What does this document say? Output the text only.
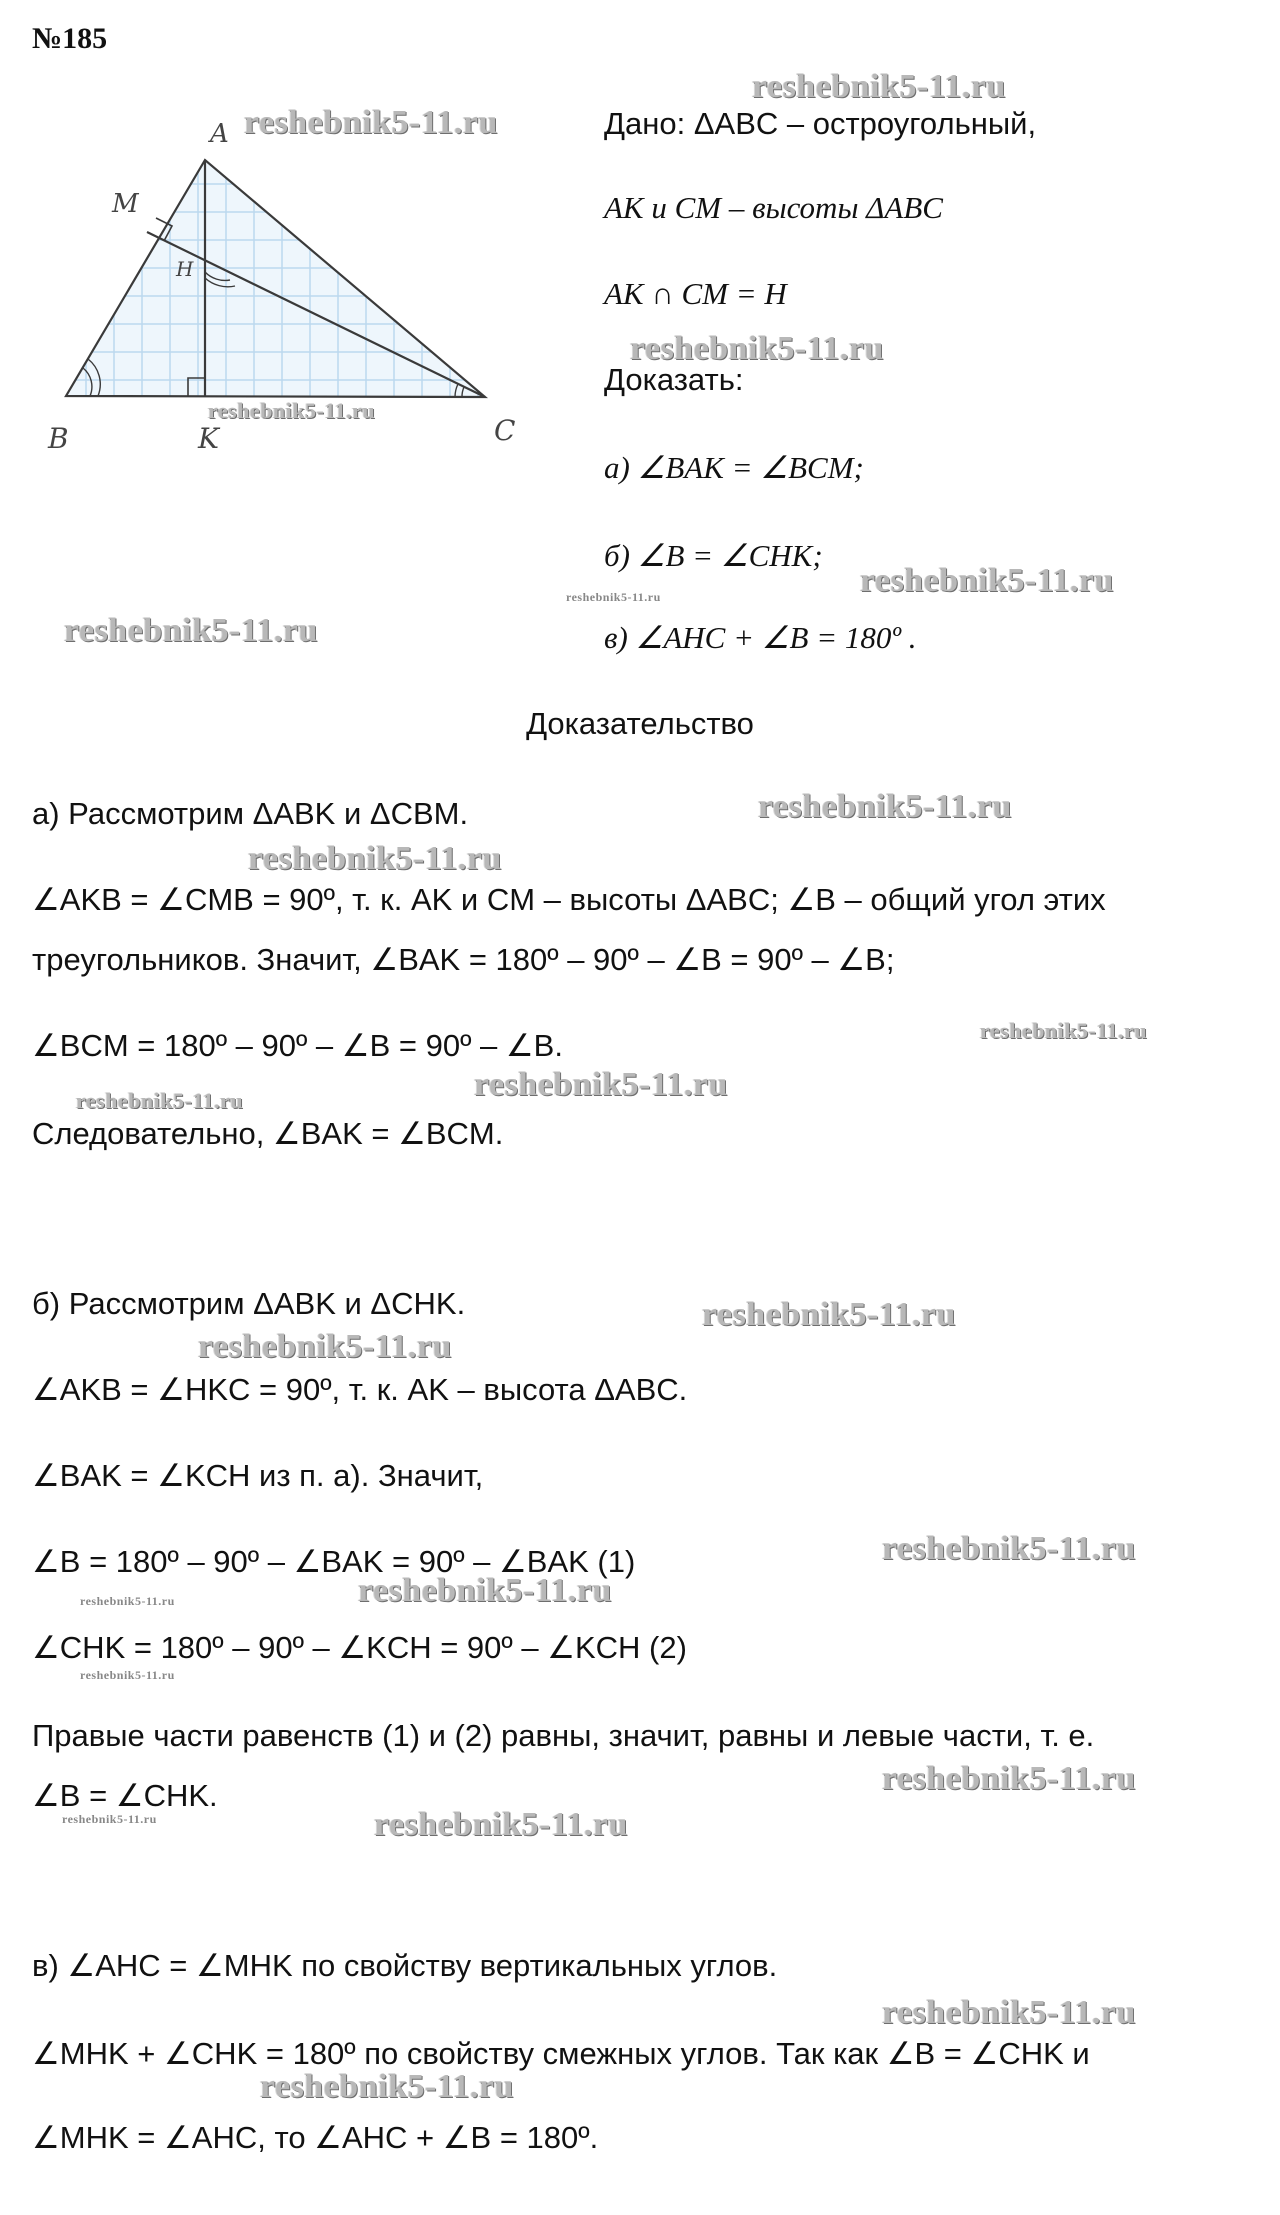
№185
A
M
H
B	K	C
Дано: ΔABC – остроугольный,
AK и CM – высоты ΔABC
AK ∩ CM = H
Доказать:
а) ∠BAK = ∠BCM;
б) ∠B = ∠CHK;
в) ∠AHC + ∠B = 180º .
Доказательство
а) Рассмотрим ΔABK и ΔCBM.
∠AKB = ∠CMB = 90º, т. к. AK и CM – высоты ΔABC; ∠B – общий угол этих
треугольников. Значит, ∠BAK = 180º – 90º – ∠B = 90º – ∠B;
∠BCM = 180º – 90º – ∠B = 90º – ∠B.
Следовательно, ∠BAK = ∠BCM.
б) Рассмотрим ΔABK и ΔCHK.
∠AKB = ∠HKC = 90º, т. к. AK – высота ΔABC.
∠BAK = ∠KCH из п. а). Значит,
∠B = 180º – 90º – ∠BAK = 90º – ∠BAK (1)
∠CHK = 180º – 90º – ∠KCH = 90º – ∠KCH (2)
Правые части равенств (1) и (2) равны, значит, равны и левые части, т. е.
∠B = ∠CHK.
в) ∠AHC = ∠MHK по свойству вертикальных углов.
∠MHK + ∠CHK = 180º по свойству смежных углов. Так как ∠B = ∠CHK и
∠MHK = ∠AHC, то ∠AHC + ∠B = 180º.
reshebnik5-11.ru
reshebnik5-11.ru
reshebnik5-11.ru
reshebnik5-11.ru
reshebnik5-11.ru
reshebnik5-11.ru
reshebnik5-11.ru
reshebnik5-11.ru
reshebnik5-11.ru
reshebnik5-11.ru
reshebnik5-11.ru	reshebnik5-11.ru
reshebnik5-11.ru
reshebnik5-11.ru
reshebnik5-11.ru
reshebnik5-11.ru
reshebnik5-11.ru
reshebnik5-11.ru
reshebnik5-11.ru
reshebnik5-11.ru	reshebnik5-11.ru
reshebnik5-11.ru
reshebnik5-11.ru
